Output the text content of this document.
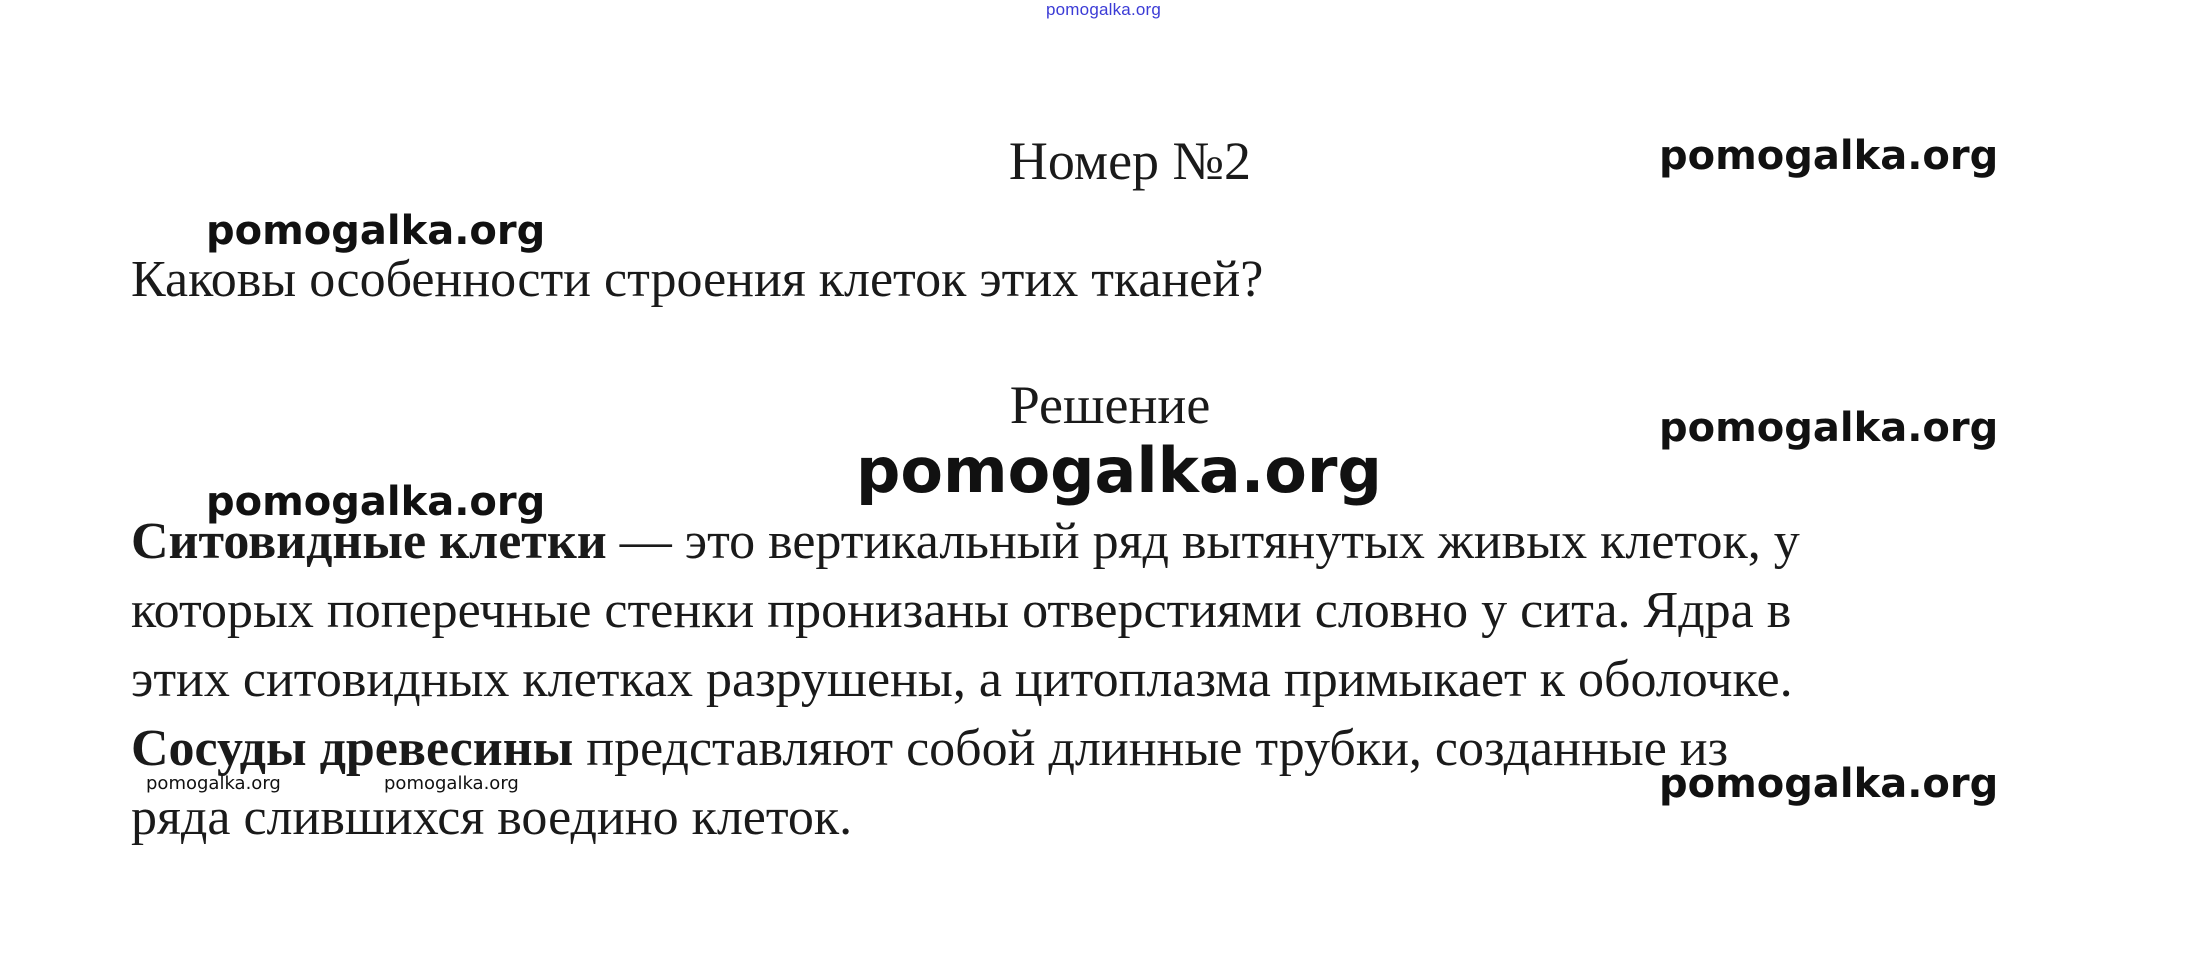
pomogalka.org
Номер №2
Каковы особенности строения клеток этих тканей?
Решение
Ситовидные клетки — это вертикальный ряд вытянутых живых клеток, у
которых поперечные стенки пронизаны отверстиями словно у сита. Ядра в
этих ситовидных клетках разрушены, а цитоплазма примыкает к оболочке.
Сосуды древесины представляют собой длинные трубки, созданные из
ряда слившихся воедино клеток.
pomogalka.org
pomogalka.org
pomogalka.org
pomogalka.org
pomogalka.org
pomogalka.org
pomogalka.org	pomogalka.org
